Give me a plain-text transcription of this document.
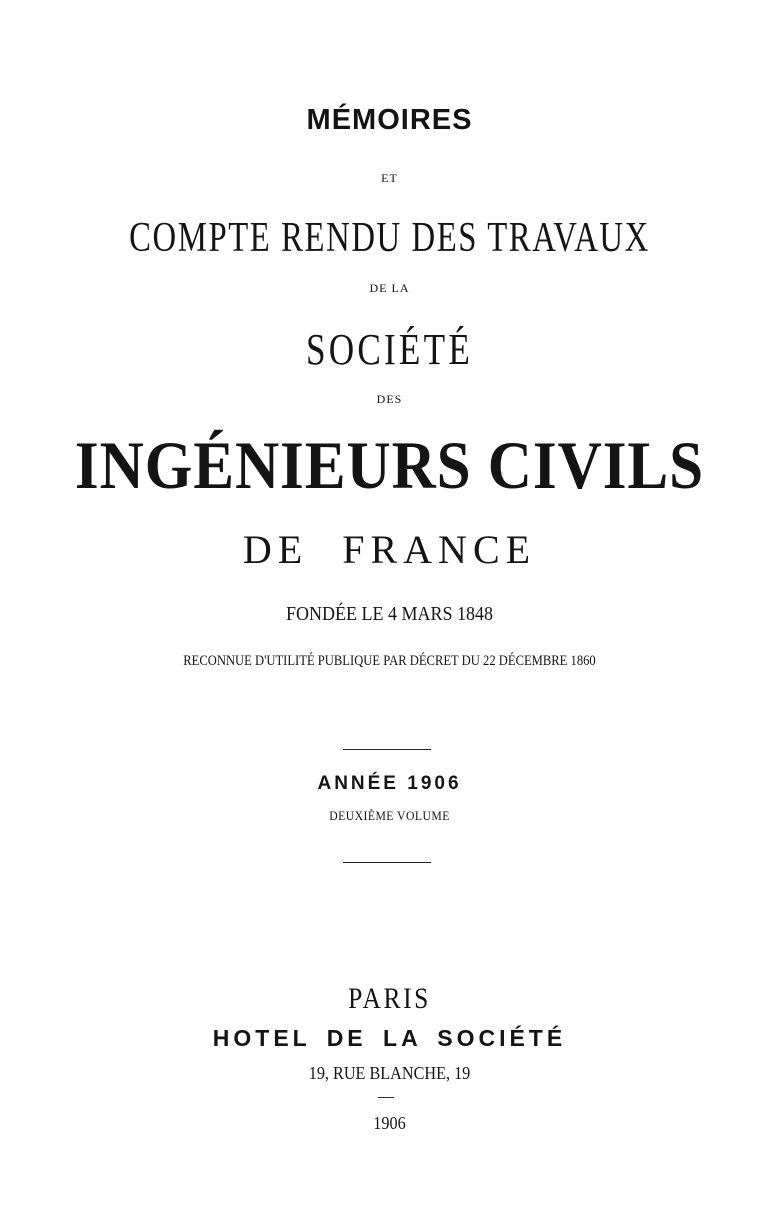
MÉMOIRES
ET
COMPTE RENDU DES TRAVAUX
DE LA
SOCIÉTÉ
DES
INGÉNIEURS CIVILS
DE FRANCE
FONDÉE LE 4 MARS 1848
RECONNUE D'UTILITÉ PUBLIQUE PAR DÉCRET DU 22 DÉCEMBRE 1860
ANNÉE 1906
DEUXIÈME VOLUME
PARIS
HOTEL DE LA SOCIÉTÉ
19, RUE BLANCHE, 19
1906
